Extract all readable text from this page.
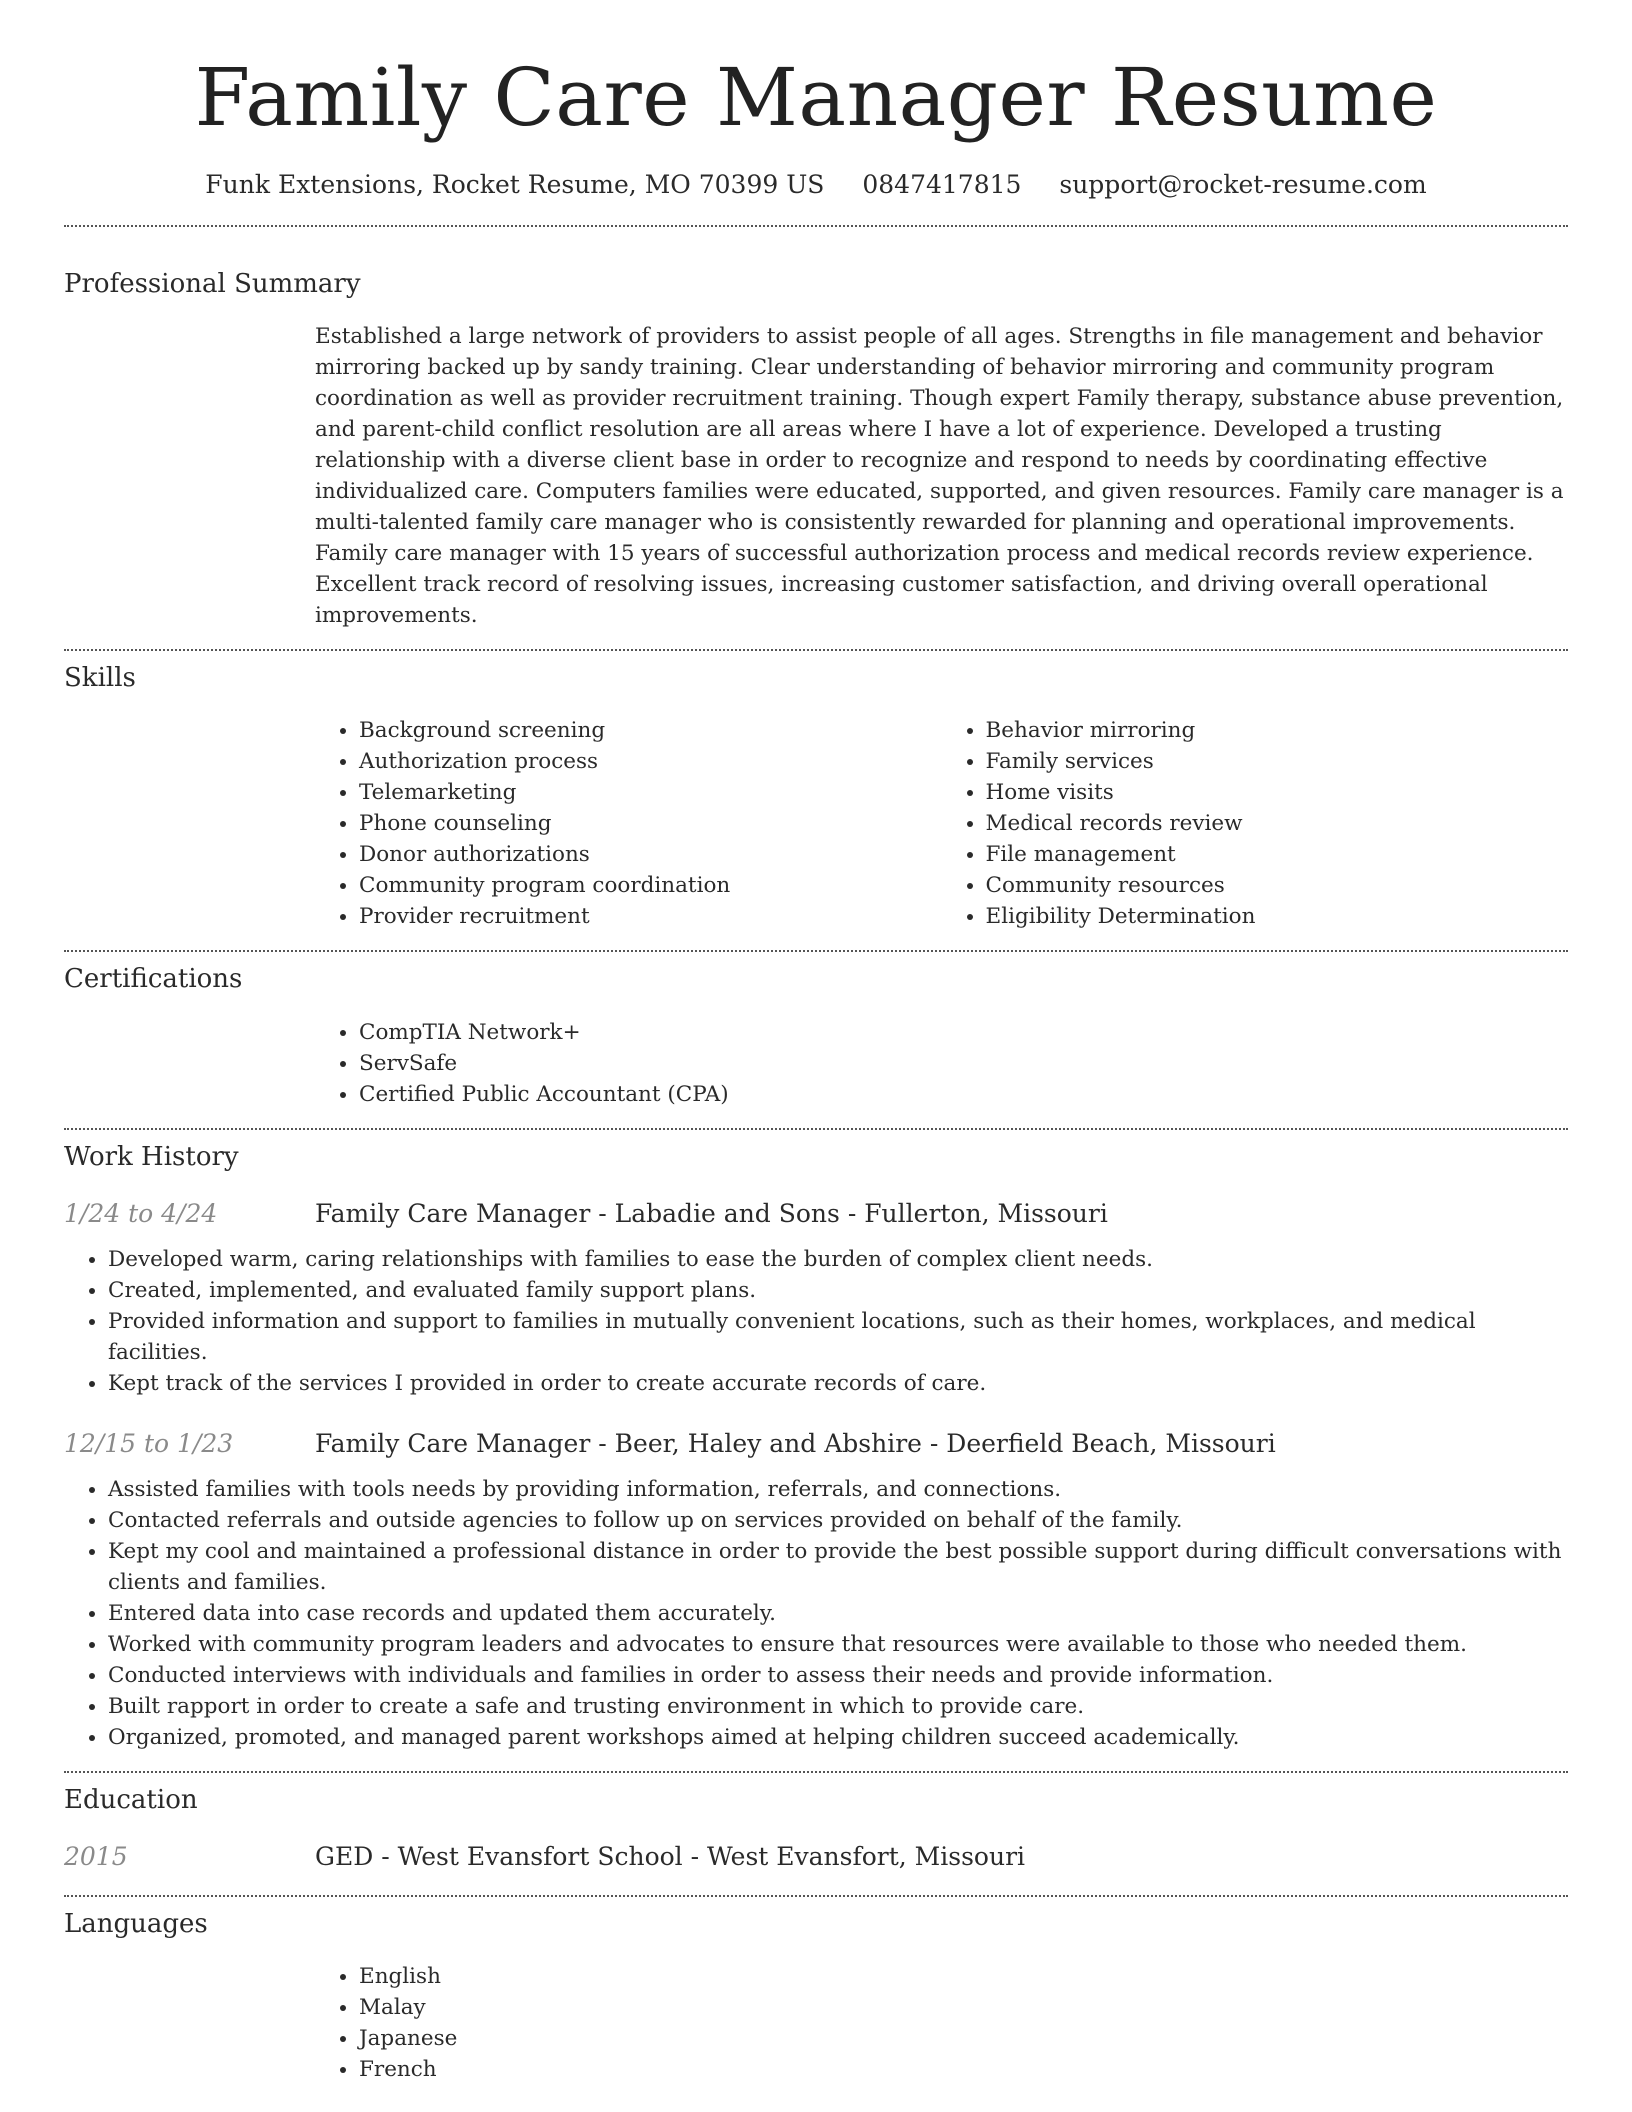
Family Care Manager Resume
Funk Extensions, Rocket Resume, MO 70399 US 0847417815 support@rocket-resume.com
Professional Summary

Established a large network of providers to assist people of all ages. Strengths in file management and behavior mirroring backed up by sandy training. Clear understanding of behavior mirroring and community program coordination as well as provider recruitment training. Though expert Family therapy, substance abuse prevention, and parent-child conflict resolution are all areas where I have a lot of experience. Developed a trusting relationship with a diverse client base in order to recognize and respond to needs by coordinating effective individualized care. Computers families were educated, supported, and given resources. Family care manager is a multi-talented family care manager who is consistently rewarded for planning and operational improvements. Family care manager with 15 years of successful authorization process and medical records review experience. Excellent track record of resolving issues, increasing customer satisfaction, and driving overall operational improvements.

Skills
• Background screening
• Authorization process
• Telemarketing
• Phone counseling
• Donor authorizations
• Community program coordination
• Provider recruitment
• Behavior mirroring
• Family services
• Home visits
• Medical records review
• File management
• Community resources
• Eligibility Determination
Certifications
• CompTIA Network+
• ServSafe
• Certified Public Accountant (CPA)
Work History
1/24 to 4/24	Family Care Manager - Labadie and Sons - Fullerton, Missouri
• Developed warm, caring relationships with families to ease the burden of complex client needs.
• Created, implemented, and evaluated family support plans.
• Provided information and support to families in mutually convenient locations, such as their homes, workplaces, and medical facilities.
• Kept track of the services I provided in order to create accurate records of care.
12/15 to 1/23	Family Care Manager - Beer, Haley and Abshire - Deerfield Beach, Missouri
• Assisted families with tools needs by providing information, referrals, and connections.
• Contacted referrals and outside agencies to follow up on services provided on behalf of the family.
• Kept my cool and maintained a professional distance in order to provide the best possible support during difficult conversations with clients and families.
• Entered data into case records and updated them accurately.
• Worked with community program leaders and advocates to ensure that resources were available to those who needed them.
• Conducted interviews with individuals and families in order to assess their needs and provide information.
• Built rapport in order to create a safe and trusting environment in which to provide care.
• Organized, promoted, and managed parent workshops aimed at helping children succeed academically.
Education
2015	GED - West Evansfort School - West Evansfort, Missouri
Languages
• English
• Malay
• Japanese
• French
